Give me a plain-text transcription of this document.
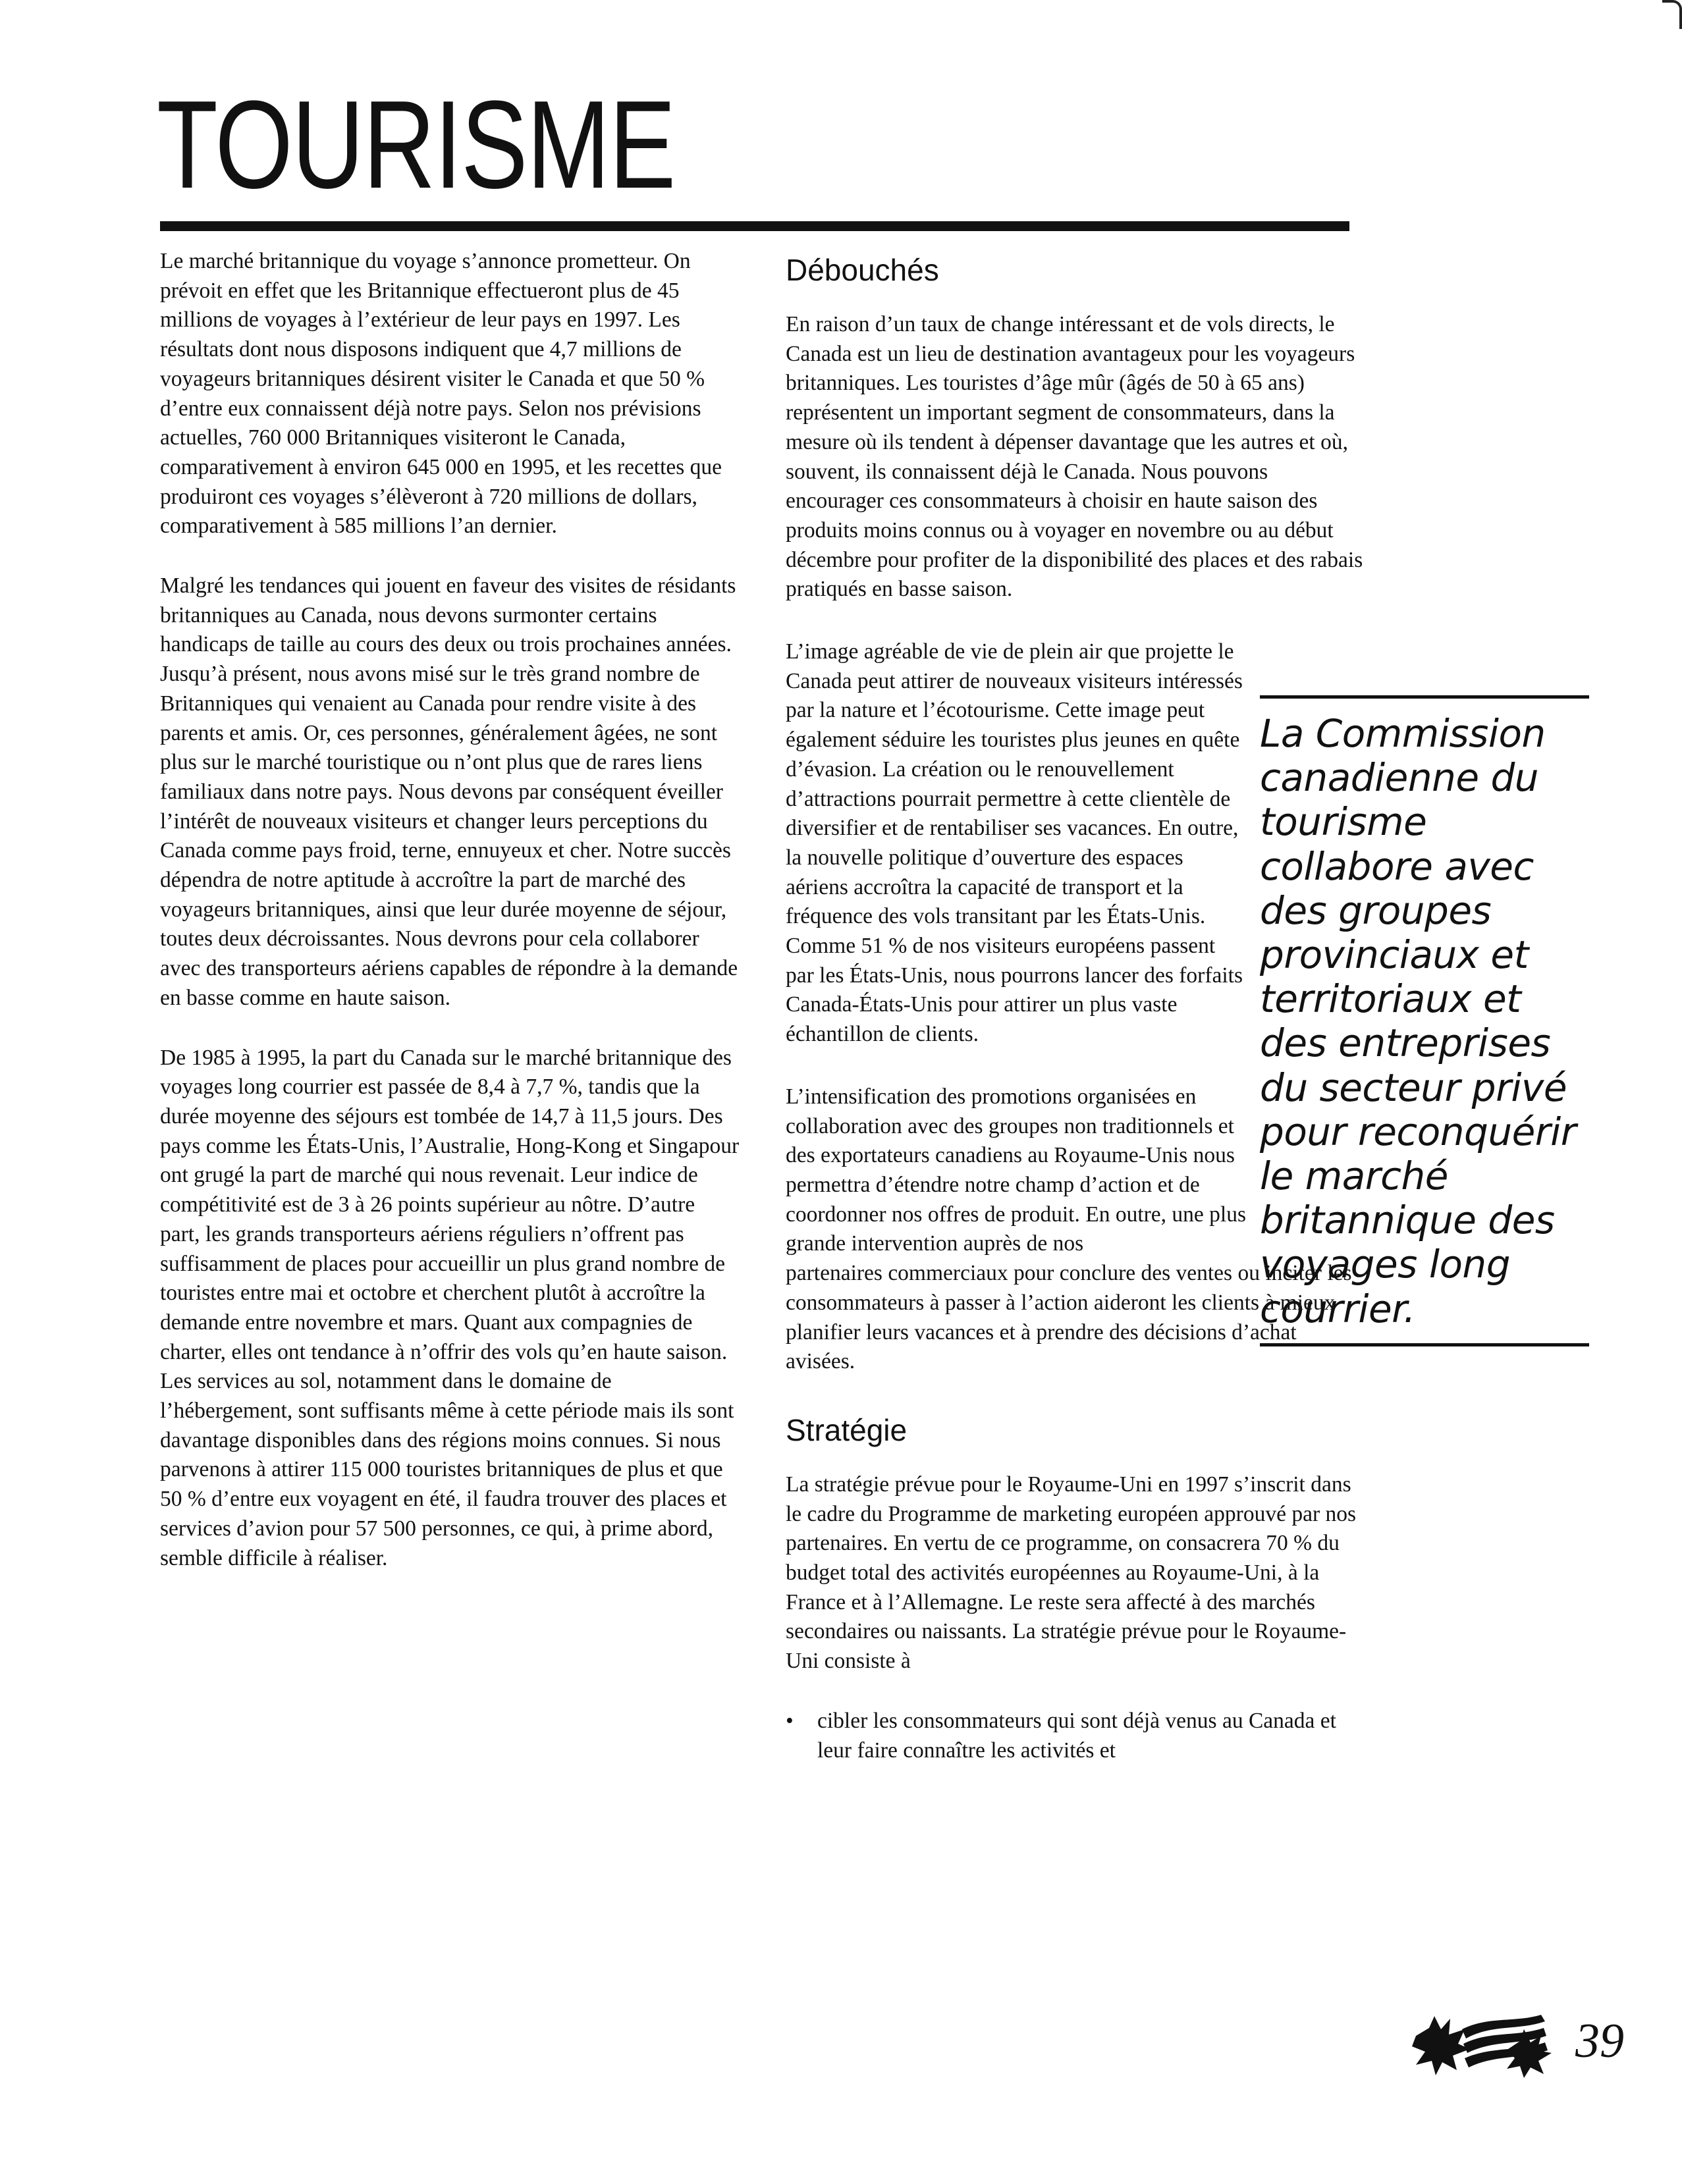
TOURISME

Le marché britannique du voyage s’annonce prometteur. On prévoit en effet que les Britannique effectueront plus de 45 millions de voyages à l’extérieur de leur pays en 1997. Les résultats dont nous disposons indiquent que 4,7 millions de voyageurs britanniques désirent visiter le Canada et que 50 % d’entre eux connaissent déjà notre pays. Selon nos prévisions actuelles, 760 000 Britanniques visiteront le Canada, comparativement à environ 645 000 en 1995, et les recettes que produiront ces voyages s’élèveront à 720 millions de dollars, comparativement à 585 millions l’an dernier.

Malgré les tendances qui jouent en faveur des visites de résidants britanniques au Canada, nous devons surmonter certains handicaps de taille au cours des deux ou trois prochaines années. Jusqu’à présent, nous avons misé sur le très grand nombre de Britanniques qui venaient au Canada pour rendre visite à des parents et amis. Or, ces personnes, généralement âgées, ne sont plus sur le marché touristique ou n’ont plus que de rares liens familiaux dans notre pays. Nous devons par conséquent éveiller l’intérêt de nouveaux visiteurs et changer leurs perceptions du Canada comme pays froid, terne, ennuyeux et cher. Notre succès dépendra de notre aptitude à accroître la part de marché des voyageurs britanniques, ainsi que leur durée moyenne de séjour, toutes deux décroissantes. Nous devrons pour cela collaborer avec des transporteurs aériens capables de répondre à la demande en basse comme en haute saison.

De 1985 à 1995, la part du Canada sur le marché britannique des voyages long courrier est passée de 8,4 à 7,7 %, tandis que la durée moyenne des séjours est tombée de 14,7 à 11,5 jours. Des pays comme les États-Unis, l’Australie, Hong-Kong et Singapour ont grugé la part de marché qui nous revenait. Leur indice de compétitivité est de 3 à 26 points supérieur au nôtre. D’autre part, les grands transporteurs aériens réguliers n’offrent pas suffisamment de places pour accueillir un plus grand nombre de touristes entre mai et octobre et cherchent plutôt à accroître la demande entre novembre et mars. Quant aux compagnies de charter, elles ont tendance à n’offrir des vols qu’en haute saison. Les services au sol, notamment dans le domaine de l’hébergement, sont suffisants même à cette période mais ils sont davantage disponibles dans des régions moins connues. Si nous parvenons à attirer 115 000 touristes britanniques de plus et que 50 % d’entre eux voyagent en été, il faudra trouver des places et services d’avion pour 57 500 personnes, ce qui, à prime abord, semble difficile à réaliser.

Débouchés

En raison d’un taux de change intéressant et de vols directs, le Canada est un lieu de destination avantageux pour les voyageurs britanniques. Les touristes d’âge mûr (âgés de 50 à 65 ans) représentent un important segment de consommateurs, dans la mesure où ils tendent à dépenser davantage que les autres et où, souvent, ils connaissent déjà le Canada. Nous pouvons encourager ces consommateurs à choisir en haute saison des produits moins connus ou à voyager en novembre ou au début décembre pour profiter de la disponibilité des places et des rabais pratiqués en basse saison.

L’image agréable de vie de plein air que projette le Canada peut attirer de nouveaux visiteurs intéressés par la nature et l’écotourisme. Cette image peut également séduire les touristes plus jeunes en quête d’évasion. La création ou le renouvellement d’attractions pourrait permettre à cette clientèle de diversifier et de rentabiliser ses vacances. En outre, la nouvelle politique d’ouverture des espaces aériens accroîtra la capacité de transport et la fréquence des vols transitant par les États-Unis. Comme 51 % de nos visiteurs européens passent par les États-Unis, nous pourrons lancer des forfaits Canada-États-Unis pour attirer un plus vaste échantillon de clients.

L’intensification des promotions organisées en collaboration avec des groupes non traditionnels et des exportateurs canadiens au Royaume-Unis nous permettra d’étendre notre champ d’action et de coordonner nos offres de produit. En outre, une plus grande intervention auprès de nos

partenaires commerciaux pour conclure des ventes ou inciter les consommateurs à passer à l’action aideront les clients à mieux planifier leurs vacances et à prendre des décisions d’achat avisées.

Stratégie

La stratégie prévue pour le Royaume-Uni en 1997 s’inscrit dans le cadre du Programme de marketing européen approuvé par nos partenaires. En vertu de ce programme, on consacrera 70 % du budget total des activités européennes au Royaume-Uni, à la France et à l’Allemagne. Le reste sera affecté à des marchés secondaires ou naissants. La stratégie prévue pour le Royaume-Uni consiste à

• cibler les consommateurs qui sont déjà venus au Canada et leur faire connaître les activités et

La Commission canadienne du tourisme collabore avec des groupes provinciaux et territoriaux et des entreprises du secteur privé pour reconquérir le marché britannique des voyages long courrier.

39
